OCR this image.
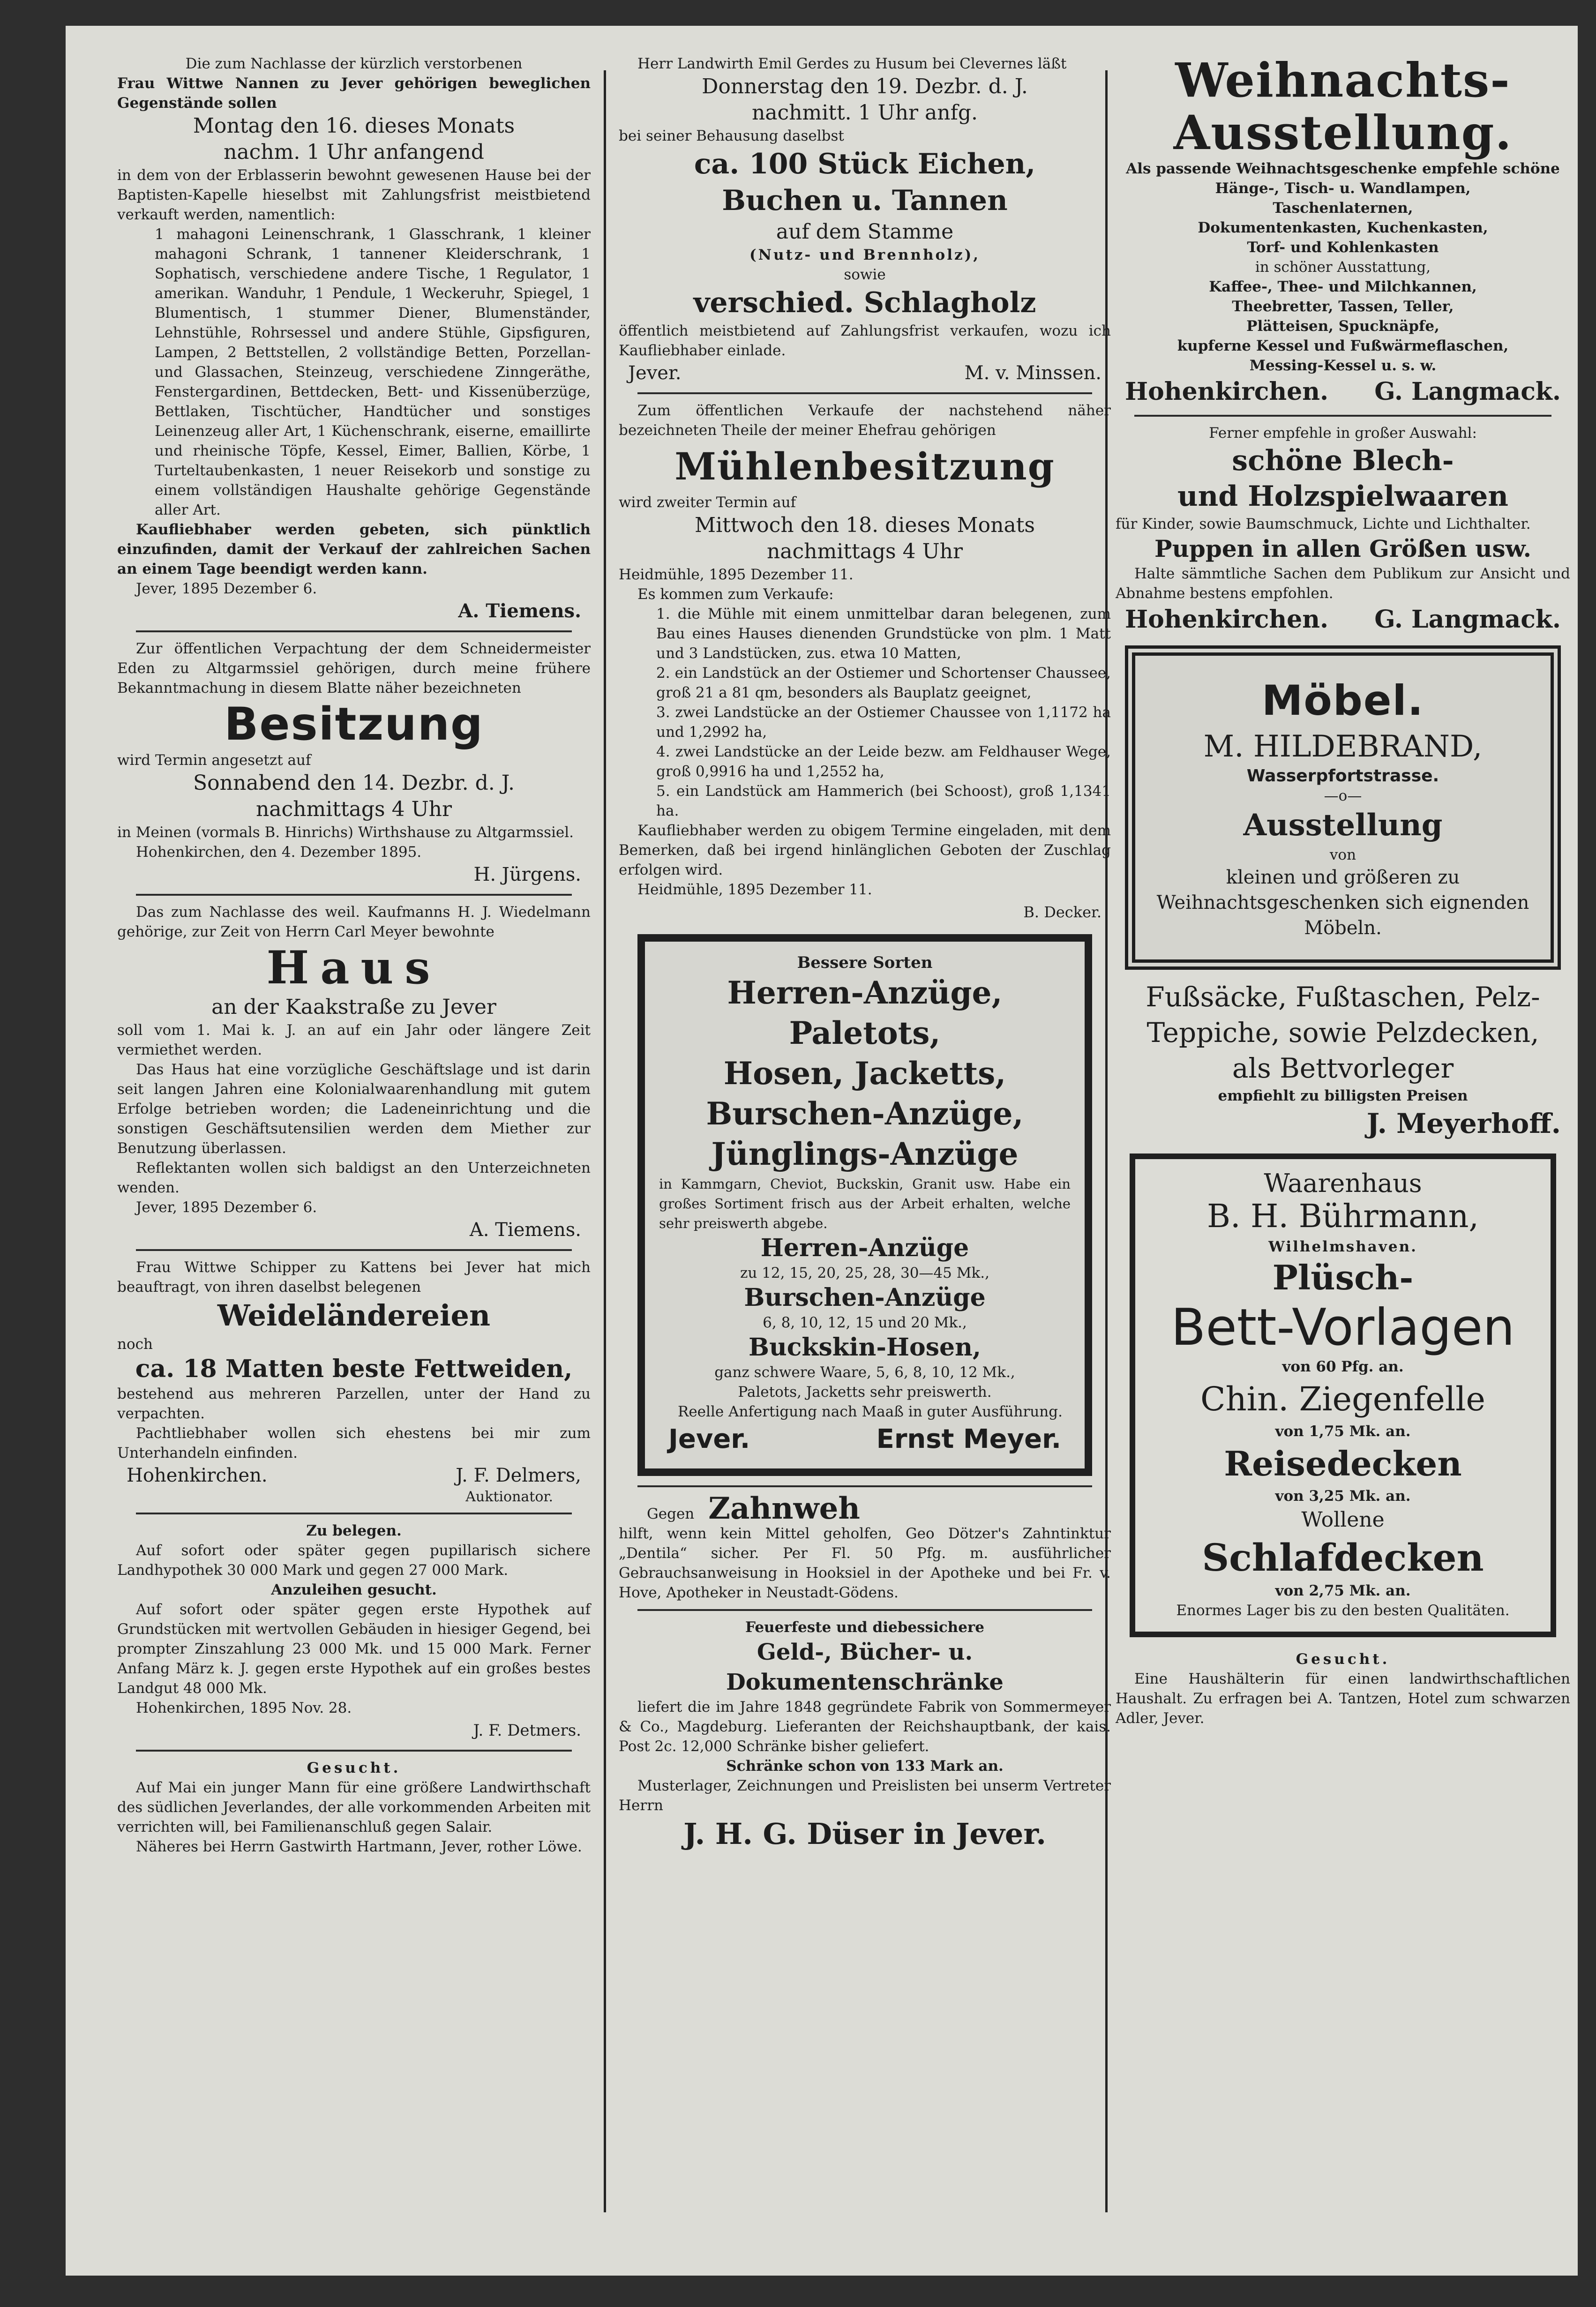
Die zum Nachlasse der kürzlich verstorbenen
Frau Wittwe Nannen zu Jever gehörigen beweglichen Gegenstände sollen
Montag den 16. dieses Monats
nachm. 1 Uhr anfangend
in dem von der Erblasserin bewohnt gewesenen Hause bei der Baptisten-Kapelle hieselbst mit Zahlungsfrist meistbietend verkauft werden, namentlich:
1 mahagoni Leinenschrank, 1 Glasschrank, 1 kleiner mahagoni Schrank, 1 tannener Kleiderschrank, 1 Sophatisch, verschiedene andere Tische, 1 Regulator, 1 amerikan. Wanduhr, 1 Pendule, 1 Weckeruhr, Spiegel, 1 Blumentisch, 1 stummer Diener, Blumenständer, Lehnstühle, Rohrsessel und andere Stühle, Gipsfiguren, Lampen, 2 Bettstellen, 2 vollständige Betten, Porzellan- und Glassachen, Steinzeug, verschiedene Zinngeräthe, Fenstergardinen, Bettdecken, Bett- und Kissenüberzüge, Bettlaken, Tischtücher, Handtücher und sonstiges Leinenzeug aller Art, 1 Küchenschrank, eiserne, emaillirte und rheinische Töpfe, Kessel, Eimer, Ballien, Körbe, 1 Turteltaubenkasten, 1 neuer Reisekorb und sonstige zu einem vollständigen Haushalte gehörige Gegenstände aller Art.
Kaufliebhaber werden gebeten, sich pünktlich einzufinden, damit der Verkauf der zahlreichen Sachen an einem Tage beendigt werden kann.
Jever, 1895 Dezember 6.
A. Tiemens.
Zur öffentlichen Verpachtung der dem Schneidermeister Eden zu Altgarmssiel gehörigen, durch meine frühere Bekanntmachung in diesem Blatte näher bezeichneten
Besitzung
wird Termin angesetzt auf
Sonnabend den 14. Dezbr. d. J.
nachmittags 4 Uhr
in Meinen (vormals B. Hinrichs) Wirthshause zu Altgarmssiel.
Hohenkirchen, den 4. Dezember 1895.
H. Jürgens.
Das zum Nachlasse des weil. Kaufmanns H. J. Wiedelmann gehörige, zur Zeit von Herrn Carl Meyer bewohnte
Haus
an der Kaakstraße zu Jever
soll vom 1. Mai k. J. an auf ein Jahr oder längere Zeit vermiethet werden.
Das Haus hat eine vorzügliche Geschäftslage und ist darin seit langen Jahren eine Kolonialwaarenhandlung mit gutem Erfolge betrieben worden; die Ladeneinrichtung und die sonstigen Geschäftsutensilien werden dem Miether zur Benutzung überlassen.
Reflektanten wollen sich baldigst an den Unterzeichneten wenden.
Jever, 1895 Dezember 6.
A. Tiemens.
Frau Wittwe Schipper zu Kattens bei Jever hat mich beauftragt, von ihren daselbst belegenen
Weideländereien
noch
ca. 18 Matten beste Fettweiden,
bestehend aus mehreren Parzellen, unter der Hand zu verpachten.
Pachtliebhaber wollen sich ehestens bei mir zum Unterhandeln einfinden.
Hohenkirchen.	J. F. Delmers,
Auktionator.
Zu belegen.
Auf sofort oder später gegen pupillarisch sichere Landhypothek 30 000 Mark und gegen 27 000 Mark.
Anzuleihen gesucht.
Auf sofort oder später gegen erste Hypothek auf Grundstücken mit wertvollen Gebäuden in hiesiger Gegend, bei prompter Zinszahlung 23 000 Mk. und 15 000 Mark. Ferner Anfang März k. J. gegen erste Hypothek auf ein großes bestes Landgut 48 000 Mk.
Hohenkirchen, 1895 Nov. 28.
J. F. Detmers.
Gesucht.
Auf Mai ein junger Mann für eine größere Landwirthschaft des südlichen Jeverlandes, der alle vorkommenden Arbeiten mit verrichten will, bei Familienanschluß gegen Salair.
Näheres bei Herrn Gastwirth Hartmann, Jever, rother Löwe.
Herr Landwirth Emil Gerdes zu Husum bei Clevernes läßt
Donnerstag den 19. Dezbr. d. J.
nachmitt. 1 Uhr anfg.
bei seiner Behausung daselbst
ca. 100 Stück Eichen,
Buchen u. Tannen
auf dem Stamme
(Nutz- und Brennholz),
sowie
verschied. Schlagholz
öffentlich meistbietend auf Zahlungsfrist verkaufen, wozu ich Kaufliebhaber einlade.
Jever.	M. v. Minssen.
Zum öffentlichen Verkaufe der nachstehend näher bezeichneten Theile der meiner Ehefrau gehörigen
Mühlenbesitzung
wird zweiter Termin auf
Mittwoch den 18. dieses Monats
nachmittags 4 Uhr
Heidmühle, 1895 Dezember 11.
Es kommen zum Verkaufe:
1. die Mühle mit einem unmittelbar daran belegenen, zum Bau eines Hauses dienenden Grundstücke von plm. 1 Matt und 3 Landstücken, zus. etwa 10 Matten,
2. ein Landstück an der Ostiemer und Schortenser Chaussee, groß 21 a 81 qm, besonders als Bauplatz geeignet,
3. zwei Landstücke an der Ostiemer Chaussee von 1,1172 ha und 1,2992 ha,
4. zwei Landstücke an der Leide bezw. am Feldhauser Wege, groß 0,9916 ha und 1,2552 ha,
5. ein Landstück am Hammerich (bei Schoost), groß 1,1341 ha.
Kaufliebhaber werden zu obigem Termine eingeladen, mit dem Bemerken, daß bei irgend hinlänglichen Geboten der Zuschlag erfolgen wird.
Heidmühle, 1895 Dezember 11.
B. Decker.
Bessere Sorten
Herren-Anzüge, Paletots,
Hosen, Jacketts,
Burschen-Anzüge,
Jünglings-Anzüge
in Kammgarn, Cheviot, Buckskin, Granit usw. Habe ein großes Sortiment frisch aus der Arbeit erhalten, welche sehr preiswerth abgebe.
Herren-Anzüge
zu 12, 15, 20, 25, 28, 30—45 Mk.,
Burschen-Anzüge
6, 8, 10, 12, 15 und 20 Mk.,
Buckskin-Hosen,
ganz schwere Waare, 5, 6, 8, 10, 12 Mk.,
Paletots, Jacketts sehr preiswerth.
Reelle Anfertigung nach Maaß in guter Ausführung.
Jever.	Ernst Meyer.
Gegen Zahnweh
hilft, wenn kein Mittel geholfen, Geo Dötzer's Zahntinktur „Dentila“ sicher. Per Fl. 50 Pfg. m. ausführlicher Gebrauchsanweisung in Hooksiel in der Apotheke und bei Fr. v. Hove, Apotheker in Neustadt-Gödens.
Feuerfeste und diebessichere
Geld-, Bücher- u. Dokumentenschränke
liefert die im Jahre 1848 gegründete Fabrik von Sommermeyer & Co., Magdeburg. Lieferanten der Reichshauptbank, der kais. Post 2c. 12,000 Schränke bisher geliefert.
Schränke schon von 133 Mark an.
Musterlager, Zeichnungen und Preislisten bei unserm Vertreter Herrn
J. H. G. Düser in Jever.
Weihnachts-
Ausstellung.
Als passende Weihnachtsgeschenke empfehle schöne Hänge-, Tisch- u. Wandlampen,
Taschenlaternen,
Dokumentenkasten, Kuchenkasten,
Torf- und Kohlenkasten
in schöner Ausstattung,
Kaffee-, Thee- und Milchkannen,
Theebretter, Tassen, Teller,
Plätteisen, Spucknäpfe,
kupferne Kessel und Fußwärmeflaschen,
Messing-Kessel u. s. w.
Hohenkirchen. G. Langmack.
Ferner empfehle in großer Auswahl:
schöne Blech-
und Holzspielwaaren
für Kinder, sowie Baumschmuck, Lichte und Lichthalter.
Puppen in allen Größen usw.
Halte sämmtliche Sachen dem Publikum zur Ansicht und Abnahme bestens empfohlen.
Hohenkirchen. G. Langmack.
Möbel.
M. HILDEBRAND,
Wasserpfortstrasse.
—o—
Ausstellung
von
kleinen und größeren zu Weihnachtsgeschenken sich eignenden Möbeln.
Fußsäcke, Fußtaschen, Pelz-
Teppiche, sowie Pelzdecken,
als Bettvorleger
empfiehlt zu billigsten Preisen
J. Meyerhoff.
Waarenhaus
B. H. Bührmann,
Wilhelmshaven.
Plüsch-
Bett-Vorlagen
von 60 Pfg. an.
Chin. Ziegenfelle
von 1,75 Mk. an.
Reisedecken
von 3,25 Mk. an.
Wollene
Schlafdecken
von 2,75 Mk. an.
Enormes Lager bis zu den besten Qualitäten.
Gesucht.
Eine Haushälterin für einen landwirthschaftlichen Haushalt. Zu erfragen bei A. Tantzen, Hotel zum schwarzen Adler, Jever.
